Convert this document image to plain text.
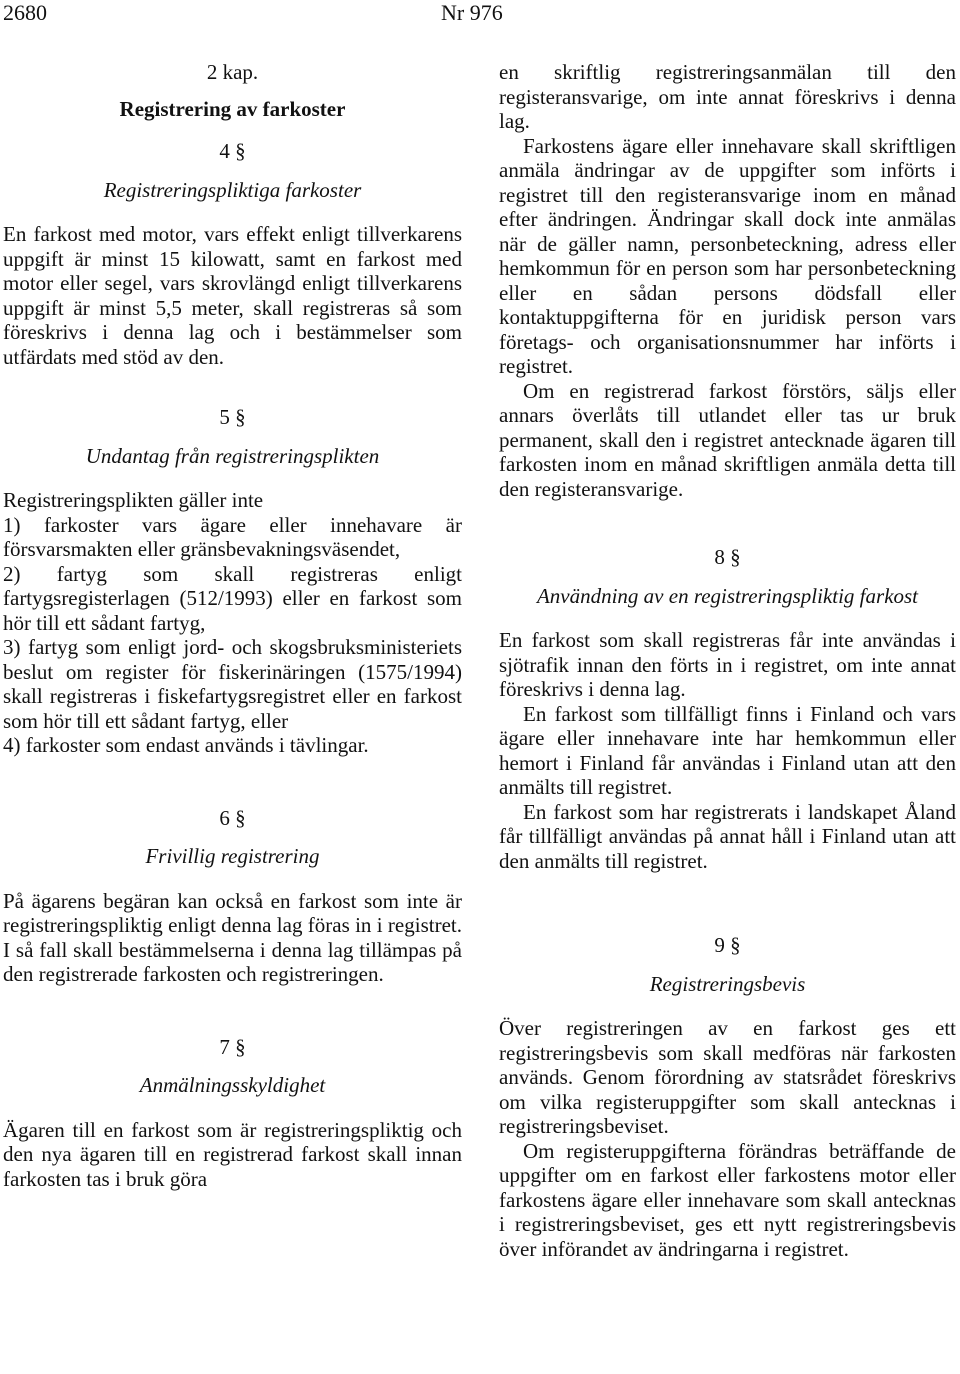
2680	Nr 976
2 kap.
Registrering av farkoster
4 §
Registreringspliktiga farkoster

En farkost med motor, vars effekt enligt tillverkarens uppgift är minst 15 kilowatt, samt en farkost med motor eller segel, vars skrovlängd enligt tillverkarens uppgift är minst 5,5 meter, skall registreras så som föreskrivs i denna lag och i bestämmelser som utfärdats med stöd av den.

5 §
Undantag från registreringsplikten

Registreringsplikten gäller inte

1) farkoster vars ägare eller innehavare är försvarsmakten eller gränsbevakningsväsendet,

2) fartyg som skall registreras enligt fartygsregisterlagen (512/1993) eller en farkost som hör till ett sådant fartyg,

3) fartyg som enligt jord- och skogsbruksministeriets beslut om register för fiskerinäringen (1575/1994) skall registreras i fiskefartygsregistret eller en farkost som hör till ett sådant fartyg, eller

4) farkoster som endast används i tävlingar.

6 §
Frivillig registrering

På ägarens begäran kan också en farkost som inte är registreringspliktig enligt denna lag föras in i registret. I så fall skall bestämmelserna i denna lag tillämpas på den registrerade farkosten och registreringen.

7 §
Anmälningsskyldighet

Ägaren till en farkost som är registreringspliktig och den nya ägaren till en registrerad farkost skall innan farkosten tas i bruk göra

en skriftlig registreringsanmälan till den registeransvarige, om inte annat föreskrivs i denna lag.

Farkostens ägare eller innehavare skall skriftligen anmäla ändringar av de uppgifter som införts i registret till den registeransvarige inom en månad efter ändringen. Ändringar skall dock inte anmälas när de gäller namn, personbeteckning, adress eller hemkommun för en person som har personbeteckning eller en sådan persons dödsfall eller kontaktuppgifterna för en juridisk person vars företags- och organisationsnummer har införts i registret.

Om en registrerad farkost förstörs, säljs eller annars överlåts till utlandet eller tas ur bruk permanent, skall den i registret antecknade ägaren till farkosten inom en månad skriftligen anmäla detta till den registeransvarige.

8 §
Användning av en registreringspliktig farkost

En farkost som skall registreras får inte användas i sjötrafik innan den förts in i registret, om inte annat föreskrivs i denna lag.

En farkost som tillfälligt finns i Finland och vars ägare eller innehavare inte har hemkommun eller hemort i Finland får användas i Finland utan att den anmälts till registret.

En farkost som har registrerats i landskapet Åland får tillfälligt användas på annat håll i Finland utan att den anmälts till registret.

9 §
Registreringsbevis

Över registreringen av en farkost ges ett registreringsbevis som skall medföras när farkosten används. Genom förordning av statsrådet föreskrivs om vilka registeruppgifter som skall antecknas i registreringsbeviset.

Om registeruppgifterna förändras beträffande de uppgifter om en farkost eller farkostens motor eller farkostens ägare eller innehavare som skall antecknas i registreringsbeviset, ges ett nytt registreringsbevis över införandet av ändringarna i registret.
